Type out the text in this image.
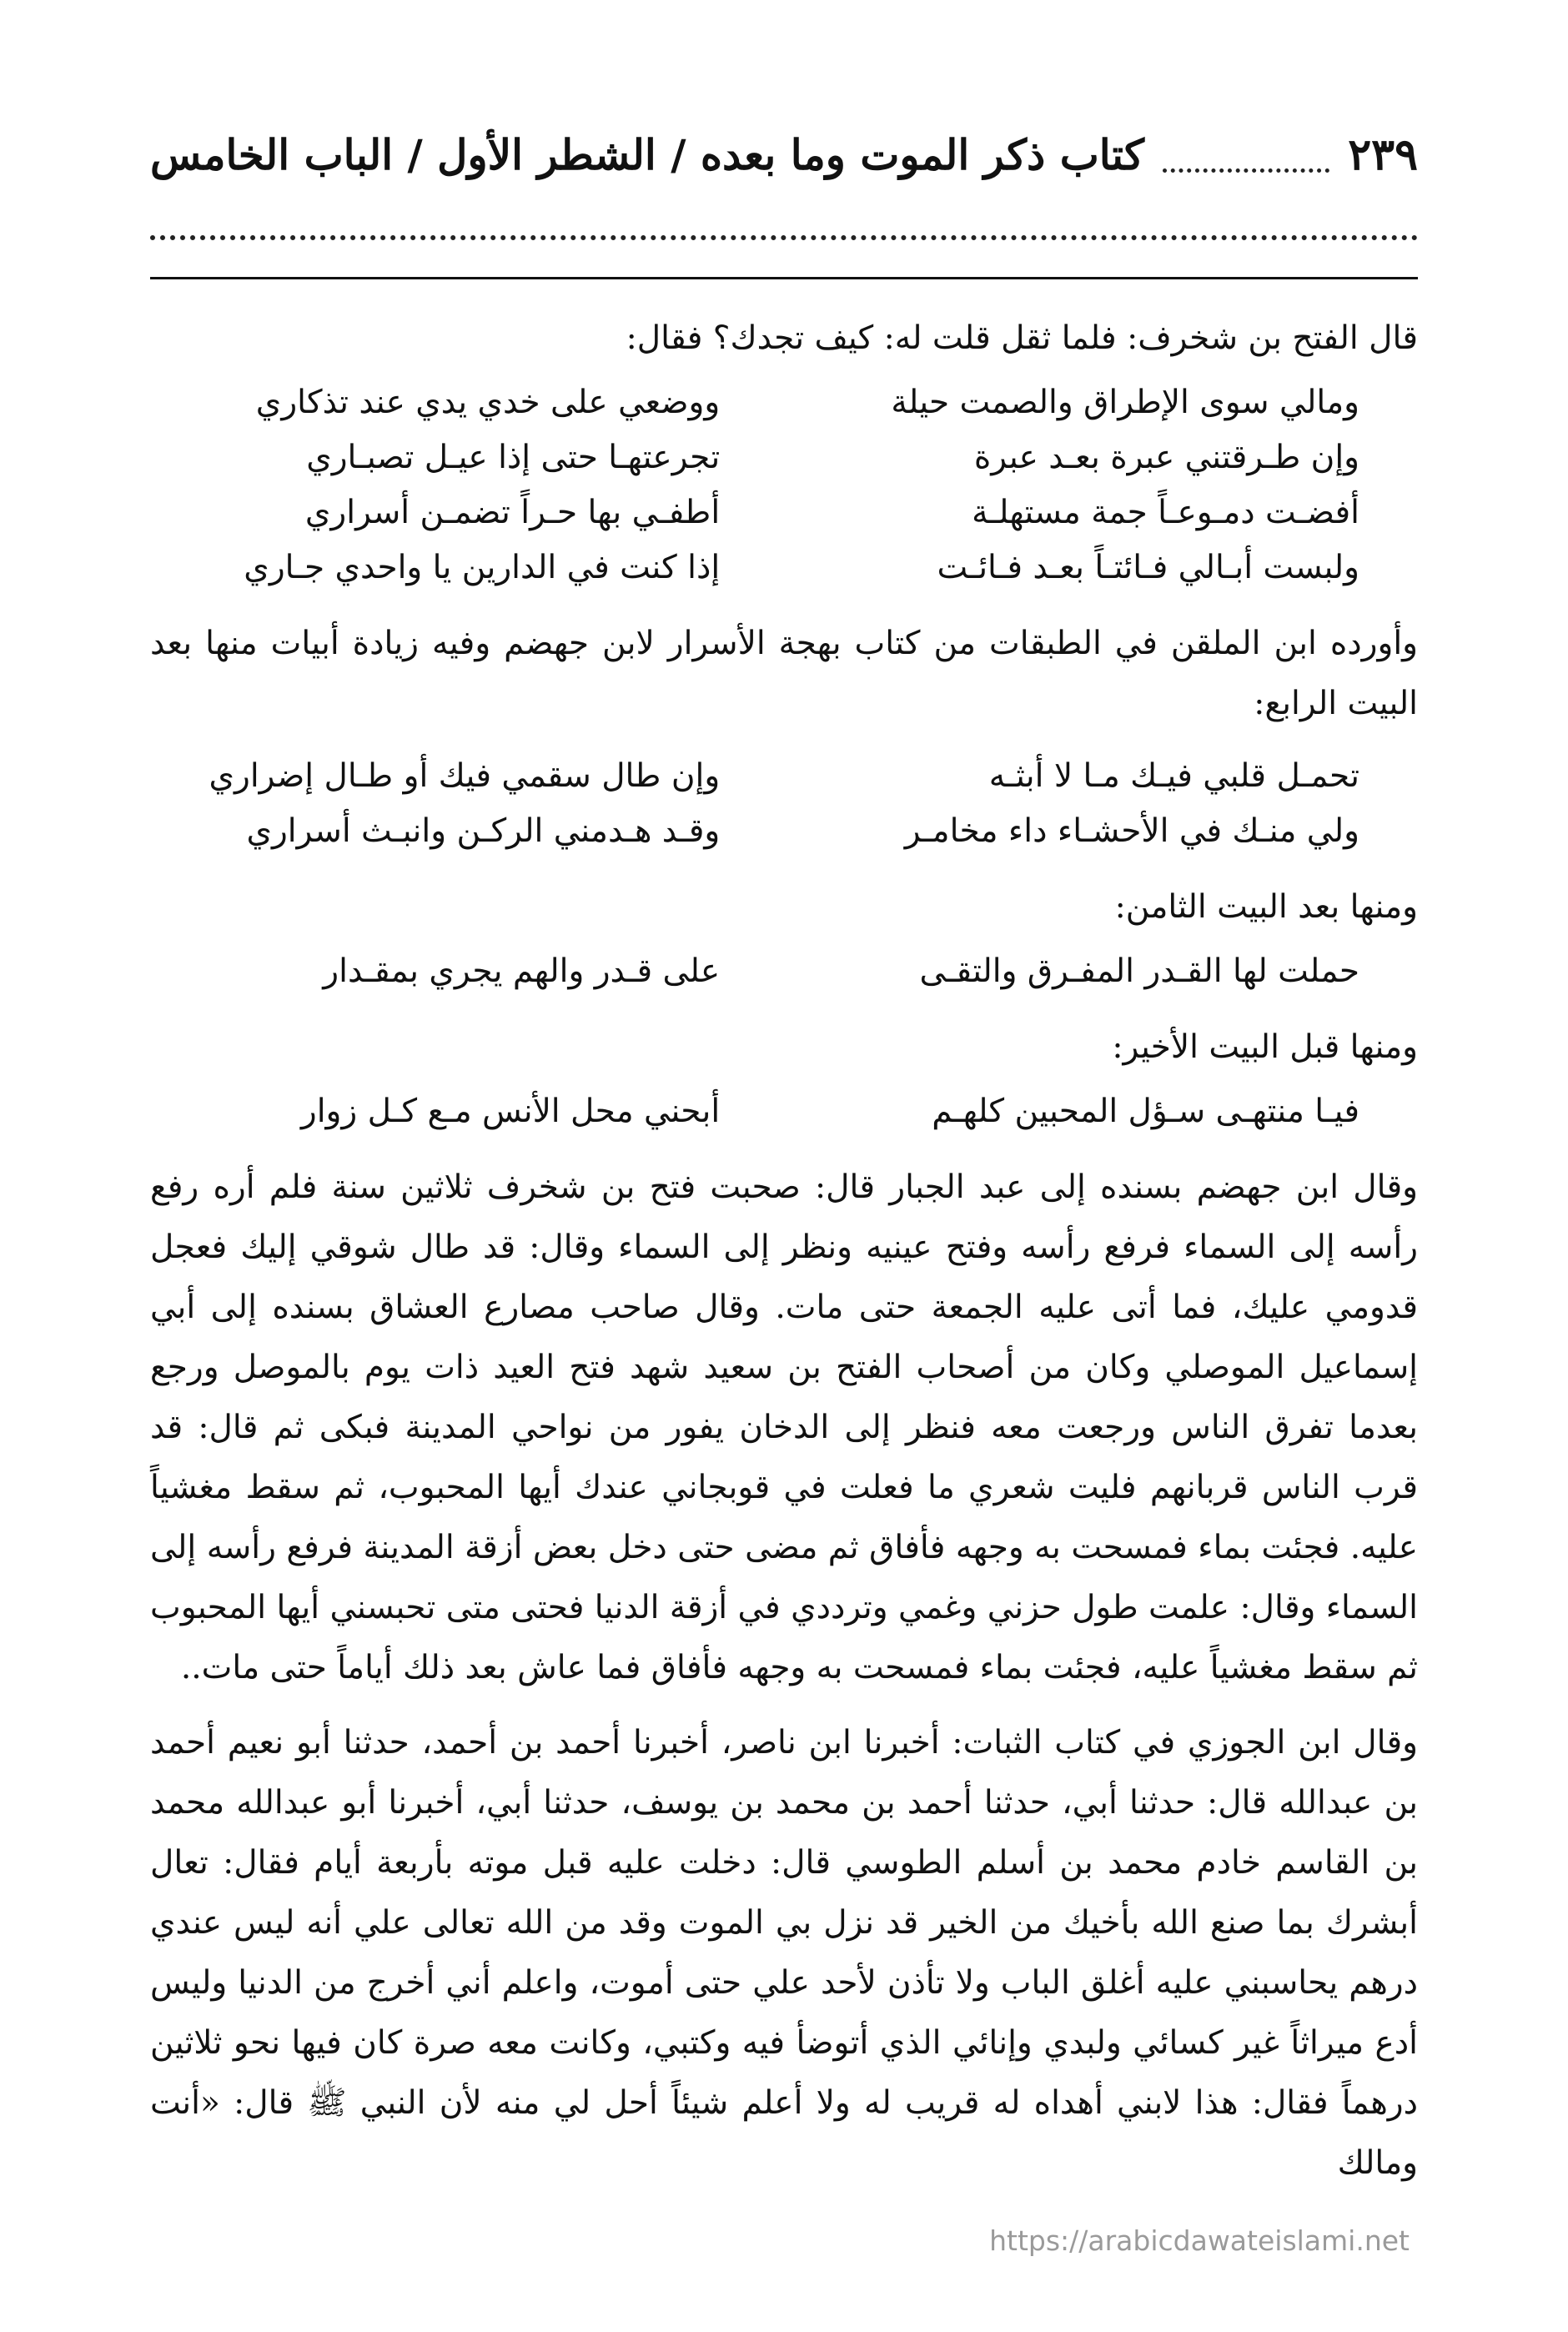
كتاب ذكر الموت وما بعده / الشطر الأول / الباب الخامس	٢٣٩

قال الفتح بن شخرف: فلما ثقل قلت له: كيف تجدك؟ فقال:

ومالي سوى الإطراق والصمت حيلة
ووضعي على خدي يدي عند تذكاري
وإن طـرقتني عبرة بعـد عبرة
تجرعتهـا حتى إذا عيـل تصبـاري
أفضـت دمـوعـاً جمة مستهلـة
أطفـي بها حـراً تضمـن أسراري
ولبست أبـالي فـائتـاً بعـد فـائـت
إذا كنت في الدارين يا واحدي جـاري

وأورده ابن الملقن في الطبقات من كتاب بهجة الأسرار لابن جهضم وفيه زيادة أبيات منها بعد البيت الرابع:

تحمـل قلبي فيـك مـا لا أبثـه
وإن طال سقمي فيك أو طـال إضراري
ولي منـك في الأحشـاء داء مخامـر
وقـد هـدمني الركـن وانبـث أسراري

ومنها بعد البيت الثامن:

حملت لها القـدر المفـرق والتقـى
على قـدر والهم يجري بمقـدار

ومنها قبل البيت الأخير:

فيـا منتهـى سـؤل المحبين كلهـم
أبحني محل الأنس مـع كـل زوار

وقال ابن جهضم بسنده إلى عبد الجبار قال: صحبت فتح بن شخرف ثلاثين سنة فلم أره رفع رأسه إلى السماء فرفع رأسه وفتح عينيه ونظر إلى السماء وقال: قد طال شوقي إليك فعجل قدومي عليك، فما أتى عليه الجمعة حتى مات. وقال صاحب مصارع العشاق بسنده إلى أبي إسماعيل الموصلي وكان من أصحاب الفتح بن سعيد شهد فتح العيد ذات يوم بالموصل ورجع بعدما تفرق الناس ورجعت معه فنظر إلى الدخان يفور من نواحي المدينة فبكى ثم قال: قد قرب الناس قربانهم فليت شعري ما فعلت في قوبجاني عندك أيها المحبوب، ثم سقط مغشياً عليه. فجئت بماء فمسحت به وجهه فأفاق ثم مضى حتى دخل بعض أزقة المدينة فرفع رأسه إلى السماء وقال: علمت طول حزني وغمي وترددي في أزقة الدنيا فحتى متى تحبسني أيها المحبوب ثم سقط مغشياً عليه، فجئت بماء فمسحت به وجهه فأفاق فما عاش بعد ذلك أياماً حتى مات..

وقال ابن الجوزي في كتاب الثبات: أخبرنا ابن ناصر، أخبرنا أحمد بن أحمد، حدثنا أبو نعيم أحمد بن عبدالله قال: حدثنا أبي، حدثنا أحمد بن محمد بن يوسف، حدثنا أبي، أخبرنا أبو عبدالله محمد بن القاسم خادم محمد بن أسلم الطوسي قال: دخلت عليه قبل موته بأربعة أيام فقال: تعال أبشرك بما صنع الله بأخيك من الخير قد نزل بي الموت وقد من الله تعالى علي أنه ليس عندي درهم يحاسبني عليه أغلق الباب ولا تأذن لأحد علي حتى أموت، واعلم أني أخرج من الدنيا وليس أدع ميراثاً غير كسائي ولبدي وإنائي الذي أتوضأ فيه وكتبي، وكانت معه صرة كان فيها نحو ثلاثين درهماً فقال: هذا لابني أهداه له قريب له ولا أعلم شيئاً أحل لي منه لأن النبي ﷺ قال: «أنت ومالك

https://arabicdawateislami.net
